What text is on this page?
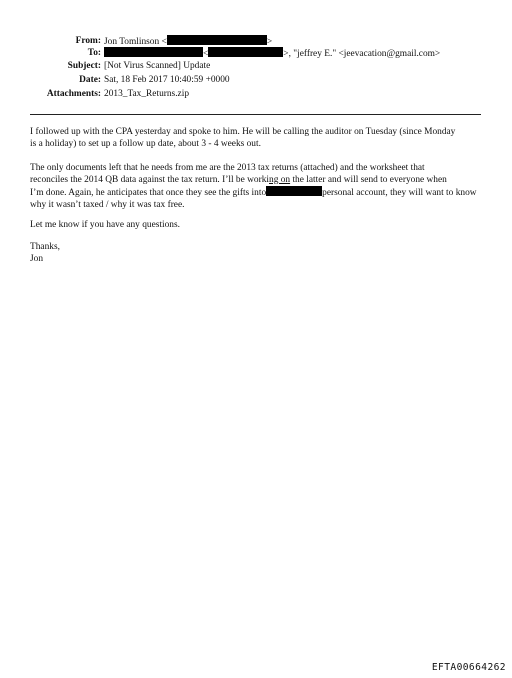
From: Jon Tomlinson <	>
To:	<	>, "jeffrey E." <jeevacation@gmail.com>
Subject: [Not Virus Scanned] Update
Date: Sat, 18 Feb 2017 10:40:59 +0000
Attachments: 2013_Tax_Returns.zip
I followed up with the CPA yesterday and spoke to him. He will be calling the auditor on Tuesday (since Monday
is a holiday) to set up a follow up date, about 3 - 4 weeks out.
The only documents left that he needs from me are the 2013 tax returns (attached) and the worksheet that
reconciles the 2014 QB data against the tax return. I’ll be working on the latter and will send to everyone when
I’m done. Again, he anticipates that once they see the gifts into	personal account, they will want to know
why it wasn’t taxed / why it was tax free.
Let me know if you have any questions.
Thanks,
Jon
EFTA00664262
